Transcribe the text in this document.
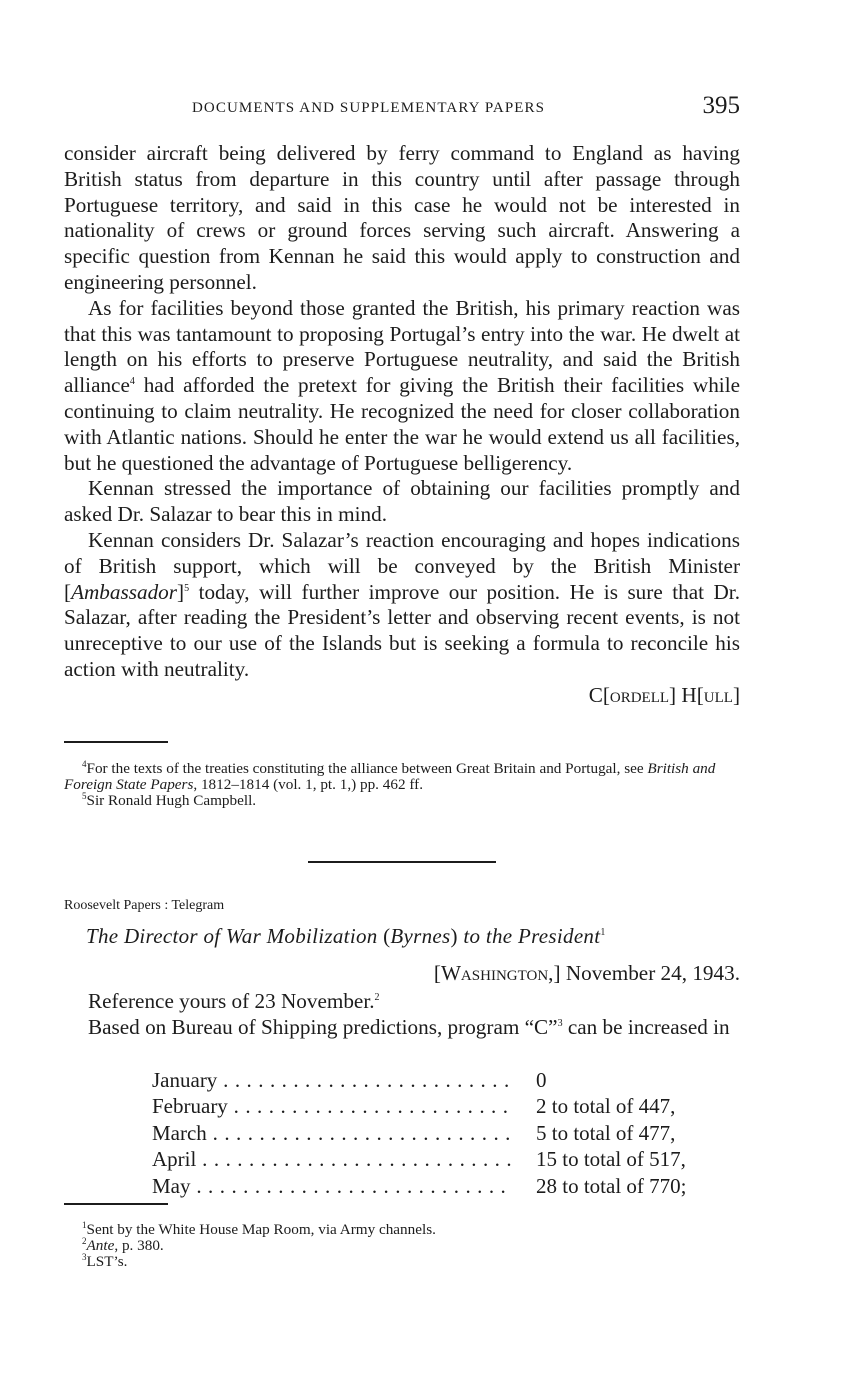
DOCUMENTS AND SUPPLEMENTARY PAPERS	395

consider aircraft being delivered by ferry command to England as having British status from departure in this country until after passage through Portuguese territory, and said in this case he would not be interested in nationality of crews or ground forces serving such aircraft. Answering a specific question from Kennan he said this would apply to construction and engineering personnel.

As for facilities beyond those granted the British, his primary reaction was that this was tantamount to proposing Portugal’s entry into the war. He dwelt at length on his efforts to preserve Portuguese neutrality, and said the British alliance$^4$ had afforded the pretext for giving the British their facilities while continuing to claim neutrality. He recognized the need for closer collaboration with Atlantic nations. Should he enter the war he would extend us all facilities, but he questioned the advantage of Portuguese belligerency.

Kennan stressed the importance of obtaining our facilities promptly and asked Dr. Salazar to bear this in mind.

Kennan considers Dr. Salazar’s reaction encouraging and hopes indications of British support, which will be conveyed by the British Minister [Ambassador]$^5$ today, will further improve our position. He is sure that Dr. Salazar, after reading the President’s letter and observing recent events, is not unreceptive to our use of the Islands but is seeking a formula to reconcile his action with neutrality.

C[ordell] H[ull]

$^4$For the texts of the treaties constituting the alliance between Great Britain and Portugal, see British and Foreign State Papers, 1812–1814 (vol. 1, pt. 1,) pp. 462 ff.

$^5$Sir Ronald Hugh Campbell.

Roosevelt Papers : Telegram
The Director of War Mobilization (Byrnes) to the President$^1$
[Washington,] November 24, 1943.

Reference yours of 23 November.$^2$

Based on Bureau of Shipping predictions, program “C”$^3$ can be increased in

January . . .	0
February . . .	2 to total of 447,
March . . .	5 to total of 477,
April . . .	15 to total of 517,
May . . .	28 to total of 770;

$^1$Sent by the White House Map Room, via Army channels.

$^2$Ante, p. 380.

$^3$LST’s.
